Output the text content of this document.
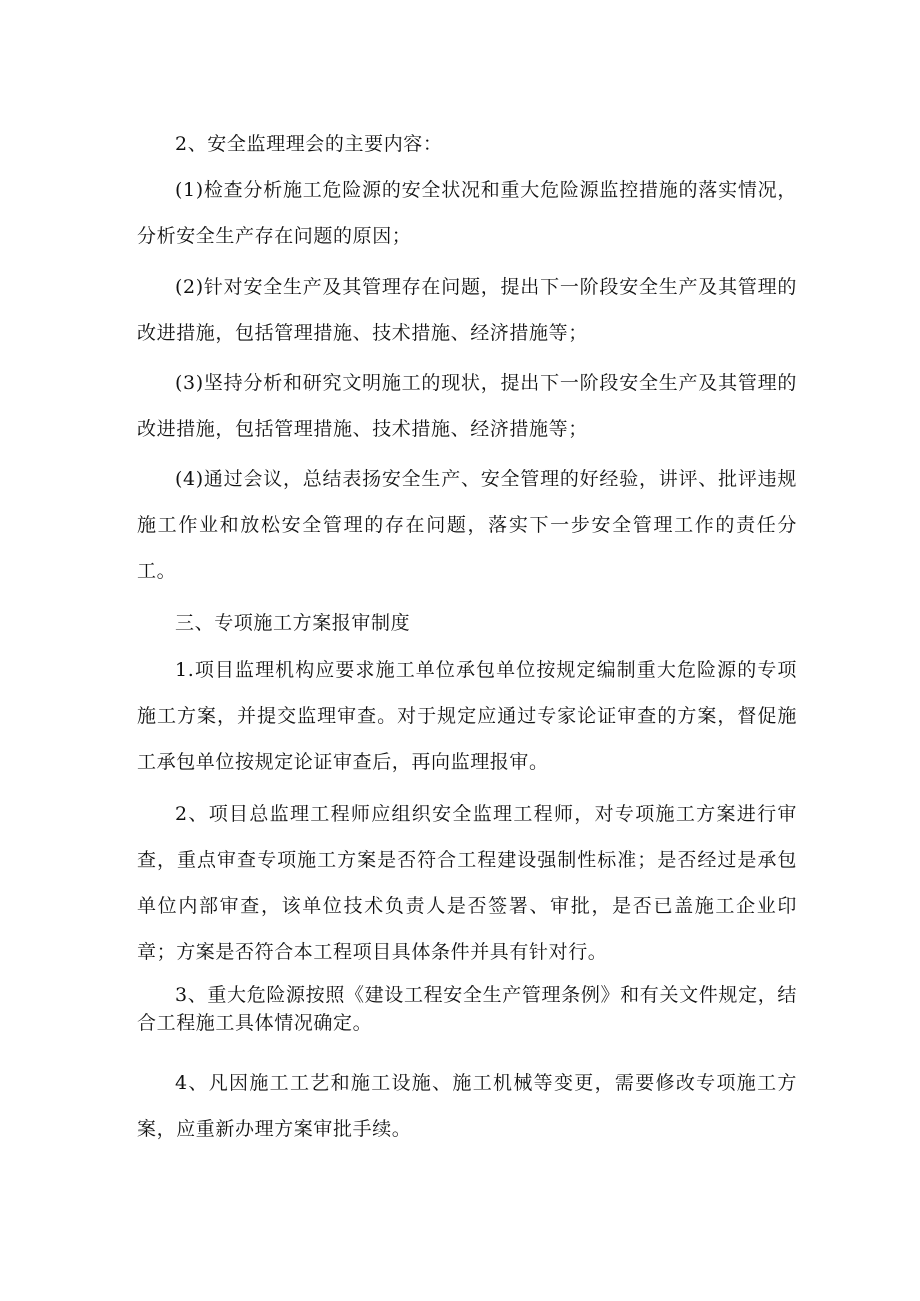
2、安全监理理会的主要内容：

(1)检查分析施工危险源的安全状况和重大危险源监控措施的落实情况，分析安全生产存在问题的原因；

(2)针对安全生产及其管理存在问题，提出下一阶段安全生产及其管理的改进措施，包括管理措施、技术措施、经济措施等；

(3)坚持分析和研究文明施工的现状，提出下一阶段安全生产及其管理的改进措施，包括管理措施、技术措施、经济措施等；

(4)通过会议，总结表扬安全生产、安全管理的好经验，讲评、批评违规施工作业和放松安全管理的存在问题，落实下一步安全管理工作的责任分工。

三、专项施工方案报审制度

1.项目监理机构应要求施工单位承包单位按规定编制重大危险源的专项施工方案，并提交监理审查。对于规定应通过专家论证审查的方案，督促施工承包单位按规定论证审查后，再向监理报审。

2、项目总监理工程师应组织安全监理工程师，对专项施工方案进行审查，重点审查专项施工方案是否符合工程建设强制性标准；是否经过是承包单位内部审查，该单位技术负责人是否签署、审批，是否已盖施工企业印章；方案是否符合本工程项目具体条件并具有针对行。

3、重大危险源按照《建设工程安全生产管理条例》和有关文件规定，结合工程施工具体情况确定。

4、凡因施工工艺和施工设施、施工机械等变更，需要修改专项施工方案，应重新办理方案审批手续。
